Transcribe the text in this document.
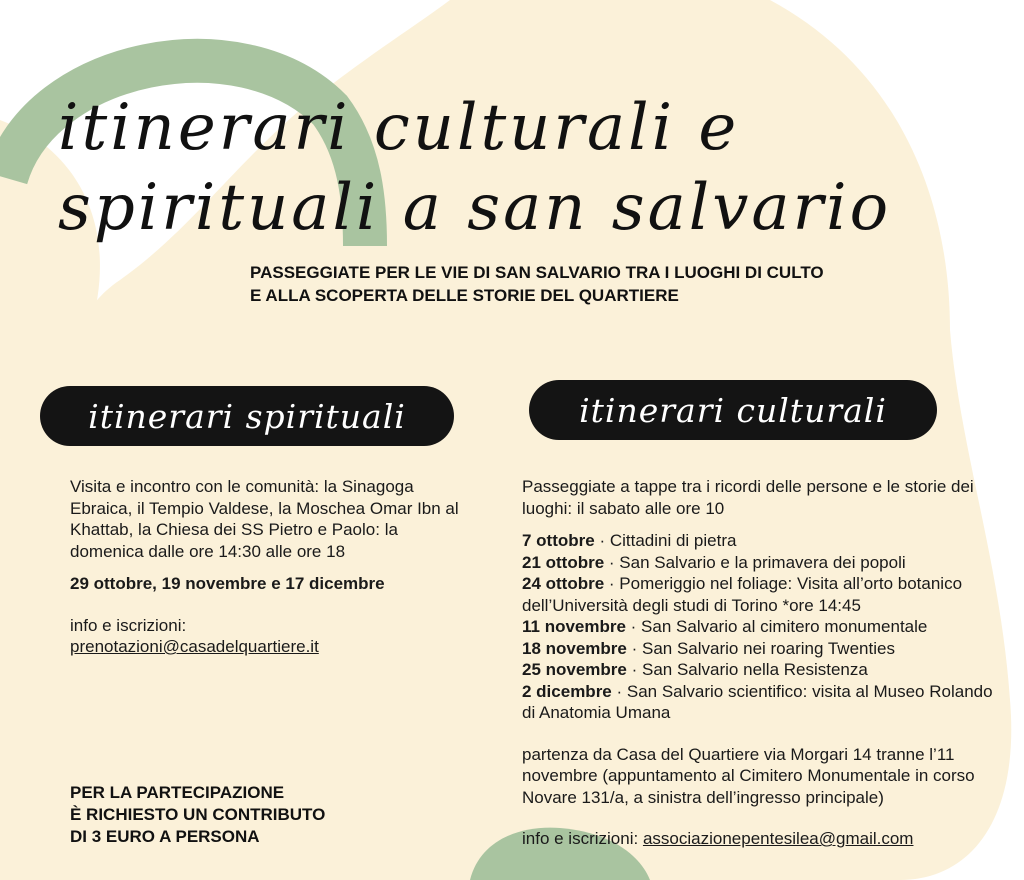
itinerari culturali e
spirituali a san salvario
PASSEGGIATE PER LE VIE DI SAN SALVARIO TRA I LUOGHI DI CULTO
E ALLA SCOPERTA DELLE STORIE DEL QUARTIERE
itinerari spirituali	itinerari culturali

Visita e incontro con le comunità: la Sinagoga Ebraica, il Tempio Valdese, la Moschea Omar Ibn al Khattab, la Chiesa dei SS Pietro e Paolo: la domenica dalle ore 14:30 alle ore 18

29 ottobre, 19 novembre e 17 dicembre

info e iscrizioni:

prenotazioni@casadelquartiere.it

Passeggiate a tappe tra i ricordi delle persone e le storie dei luoghi: il sabato alle ore 10

7 ottobre · Cittadini di pietra
21 ottobre · San Salvario e la primavera dei popoli
24 ottobre · Pomeriggio nel foliage: Visita all’orto botanico dell’Università degli studi di Torino *ore 14:45
11 novembre · San Salvario al cimitero monumentale
18 novembre · San Salvario nei roaring Twenties
25 novembre · San Salvario nella Resistenza
2 dicembre · San Salvario scientifico: visita al Museo Rolando di Anatomia Umana

partenza da Casa del Quartiere via Morgari 14 tranne l’11 novembre (appuntamento al Cimitero Monumentale in corso Novare 131/a, a sinistra dell’ingresso principale)

info e iscrizioni: associazionepentesilea@gmail.com

PER LA PARTECIPAZIONE
È RICHIESTO UN CONTRIBUTO
DI 3 EURO A PERSONA
